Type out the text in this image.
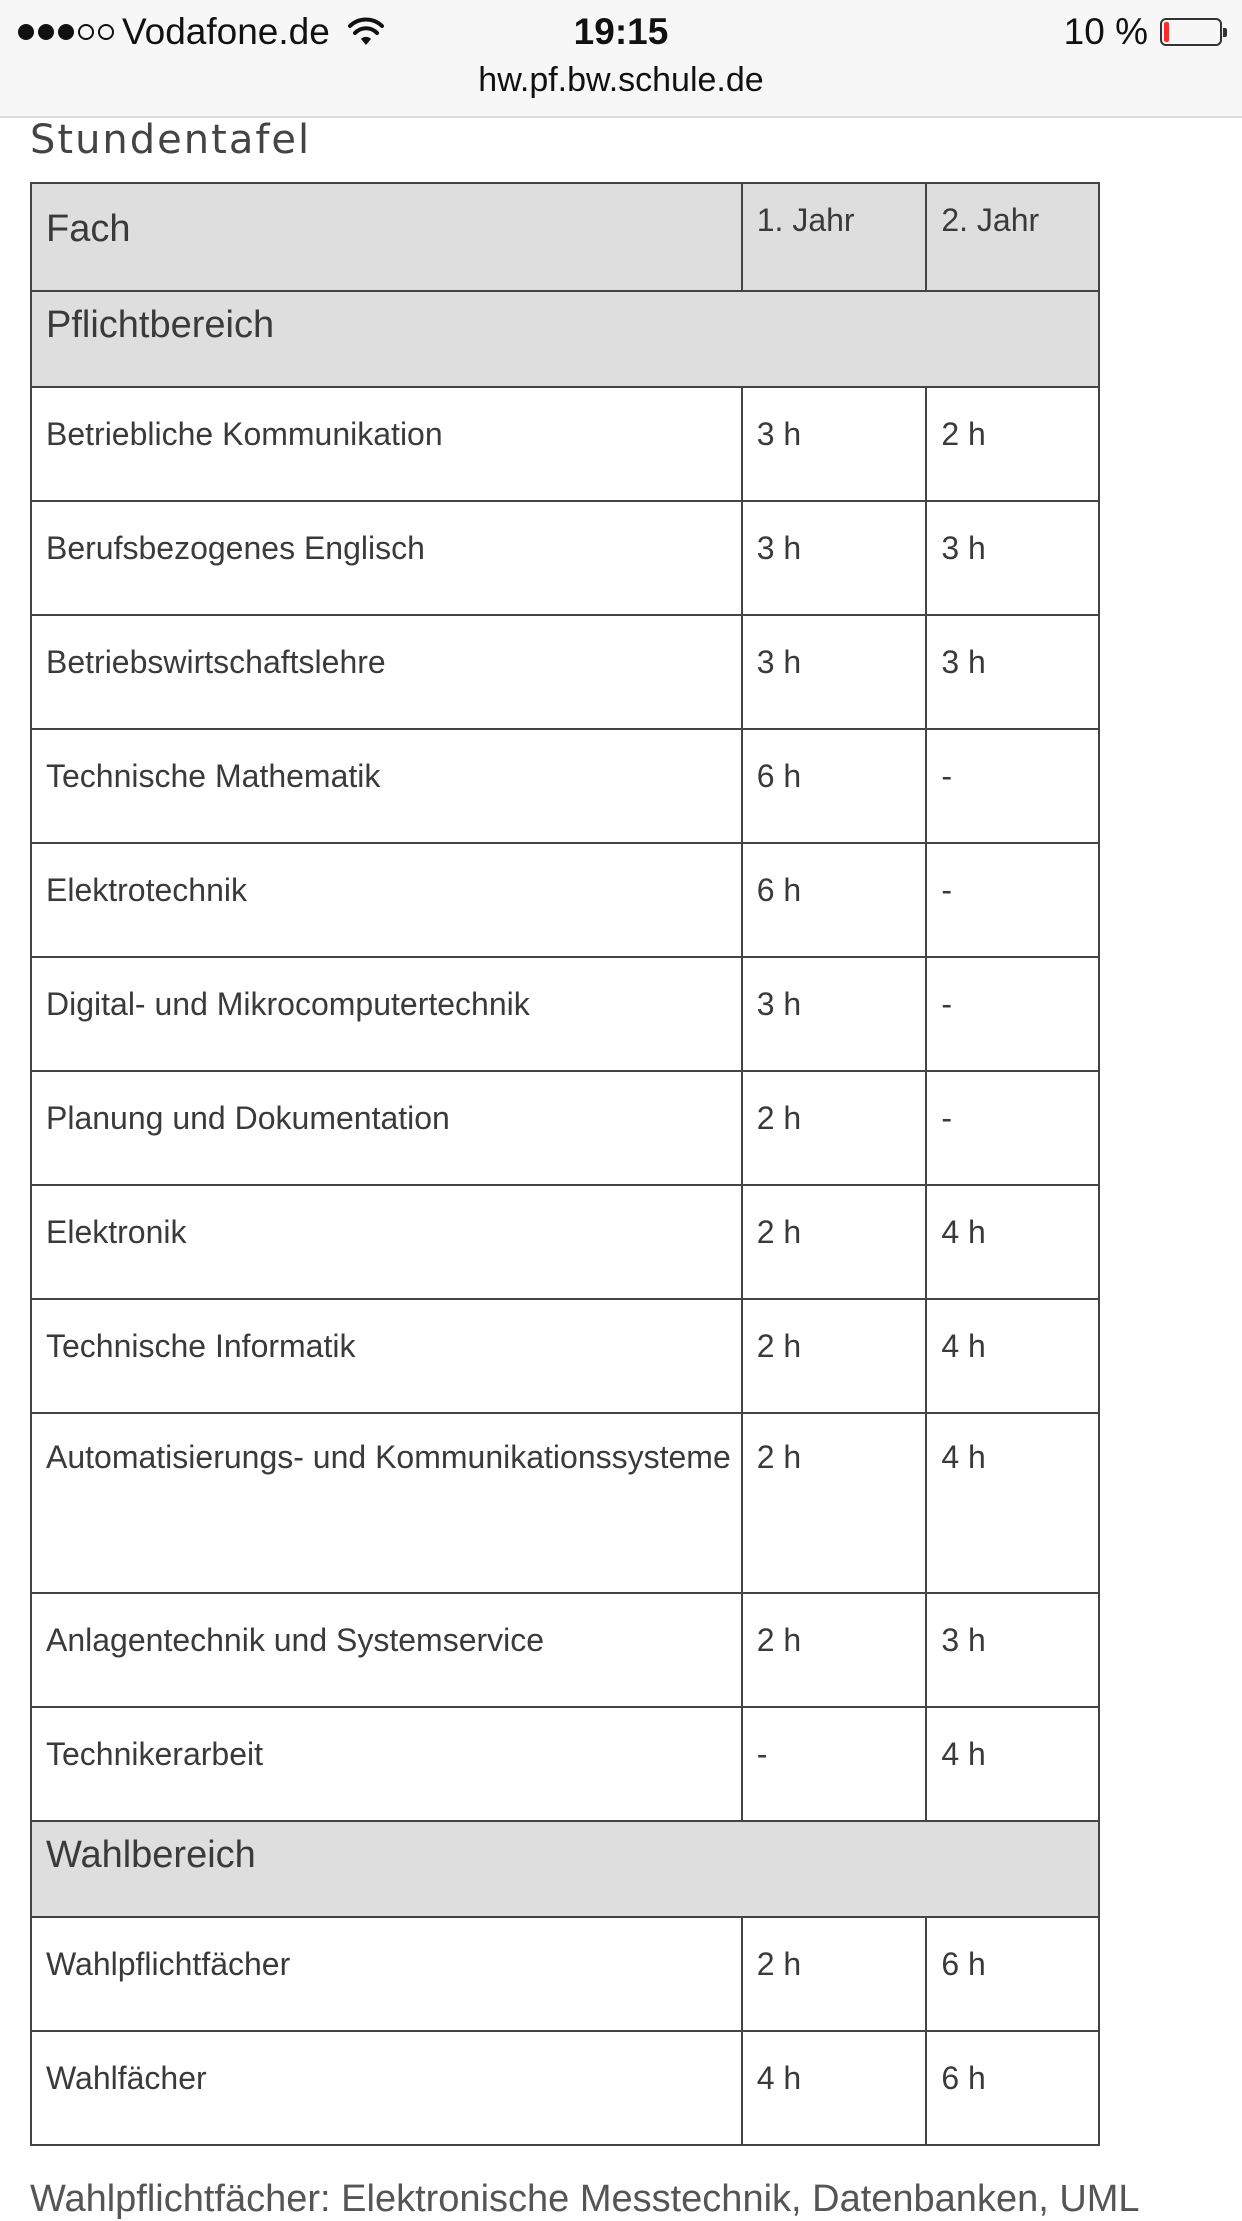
Vodafone.de	19:15	10 %
hw.pf.bw.schule.de
Stundentafel
Fach	1. Jahr	2. Jahr
Pflichtbereich		
Betriebliche Kommunikation	3 h	2 h
Berufsbezogenes Englisch	3 h	3 h
Betriebswirtschaftslehre	3 h	3 h
Technische Mathematik	6 h	-
Elektrotechnik	6 h	-
Digital- und Mikrocomputertechnik	3 h	-
Planung und Dokumentation	2 h	-
Elektronik	2 h	4 h
Technische Informatik	2 h	4 h
Automatisierungs- und Kommunikationssysteme	2 h	4 h
Anlagentechnik und Systemservice	2 h	3 h
Technikerarbeit	-	4 h
Wahlbereich		
Wahlpflichtfächer	2 h	6 h
Wahlfächer	4 h	6 h
Wahlpflichtfächer: Elektronische Messtechnik, Datenbanken, UML
